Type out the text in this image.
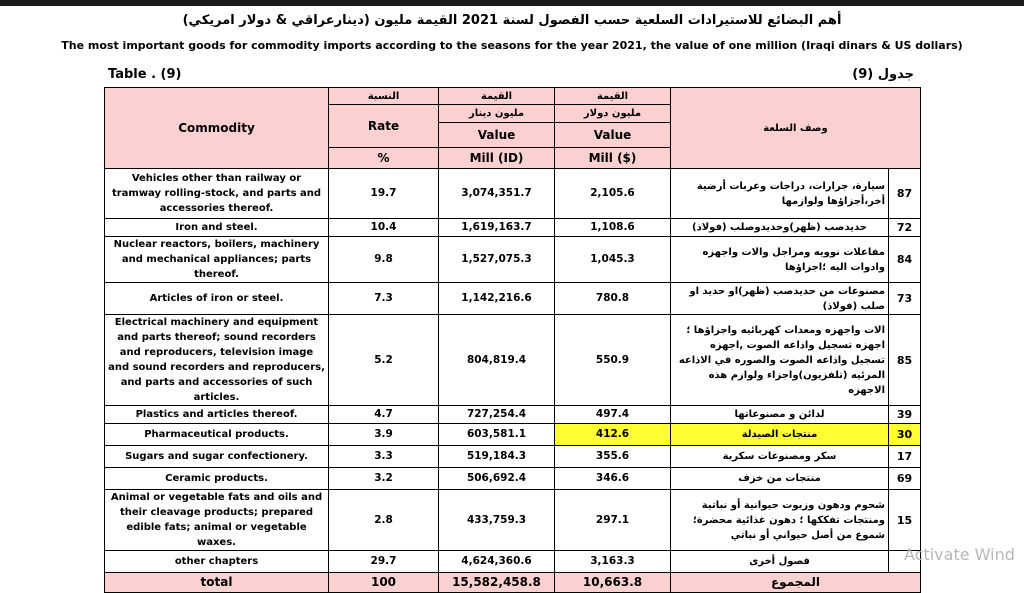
أهم البضائع للاستيرادات السلعية حسب الفصول لسنة 2021 القيمة مليون (دينارعراقي & دولار امريكي)
The most important goods for commodity imports according to the seasons for the year 2021, the value of one million (Iraqi dinars & US dollars)
Table . (9)	جدول (9)
Commodity	النسبة	القيمة	القيمة	وصف السلعة	
	Rate	مليون دينار	مليون دولار		
		Value	Value		
	%	Mill (ID)	Mill ($)		
Vehicles other than railway or tramway rolling-stock, and parts and accessories thereof.	19.7	3,074,351.7	2,105.6	سيارة، جرارات، دراجات وعربات أرضية أخر،أجزاؤها ولوازمها	87
Iron and steel.	10.4	1,619,163.7	1,108.6	حديدصب (ظهر)وحديدوصلب (فولاذ)	72
Nuclear reactors, boilers, machinery and mechanical appliances; parts thereof.	9.8	1,527,075.3	1,045.3	مفاعلات نوويه ومراجل والات واجهزه وادوات اليه ؛اجزاؤها	84
Articles of iron or steel.	7.3	1,142,216.6	780.8	مصنوعات من حديدصب (ظهر)او حديد او صلب (فولاذ)	73
Electrical machinery and equipment and parts thereof; sound recorders and reproducers, television image and sound recorders and reproducers, and parts and accessories of such articles.	5.2	804,819.4	550.9	الات واجهزه ومعدات كهربائيه واجزاؤها ؛اجهزه تسجيل واذاعه الصوت ,اجهزه تسجيل واذاعه الصوت والصوره في الاذاعه المرئيه (تلفزيون)واجزاء ولوازم هذه الاجهزه	85
Plastics and articles thereof.	4.7	727,254.4	497.4	لدائن و مصنوعاتها	39
Pharmaceutical products.	3.9	603,581.1	412.6	منتجات الصيدلة	30
Sugars and sugar confectionery.	3.3	519,184.3	355.6	سكر ومصنوعات سكرية	17
Ceramic products.	3.2	506,692.4	346.6	منتجات من خزف	69
Animal or vegetable fats and oils and their cleavage products; prepared edible fats; animal or vegetable waxes.	2.8	433,759.3	297.1	شحوم ودهون وزيوت حيوانية أو نباتية ومنتجات تفككها ؛ دهون غذائية محضرة؛ شموع من أصل حيواني أو نباتي	15
other chapters	29.7	4,624,360.6	3,163.3	فصول أخرى	
total	100	15,582,458.8	10,663.8	المجموع	
Activate Wind
